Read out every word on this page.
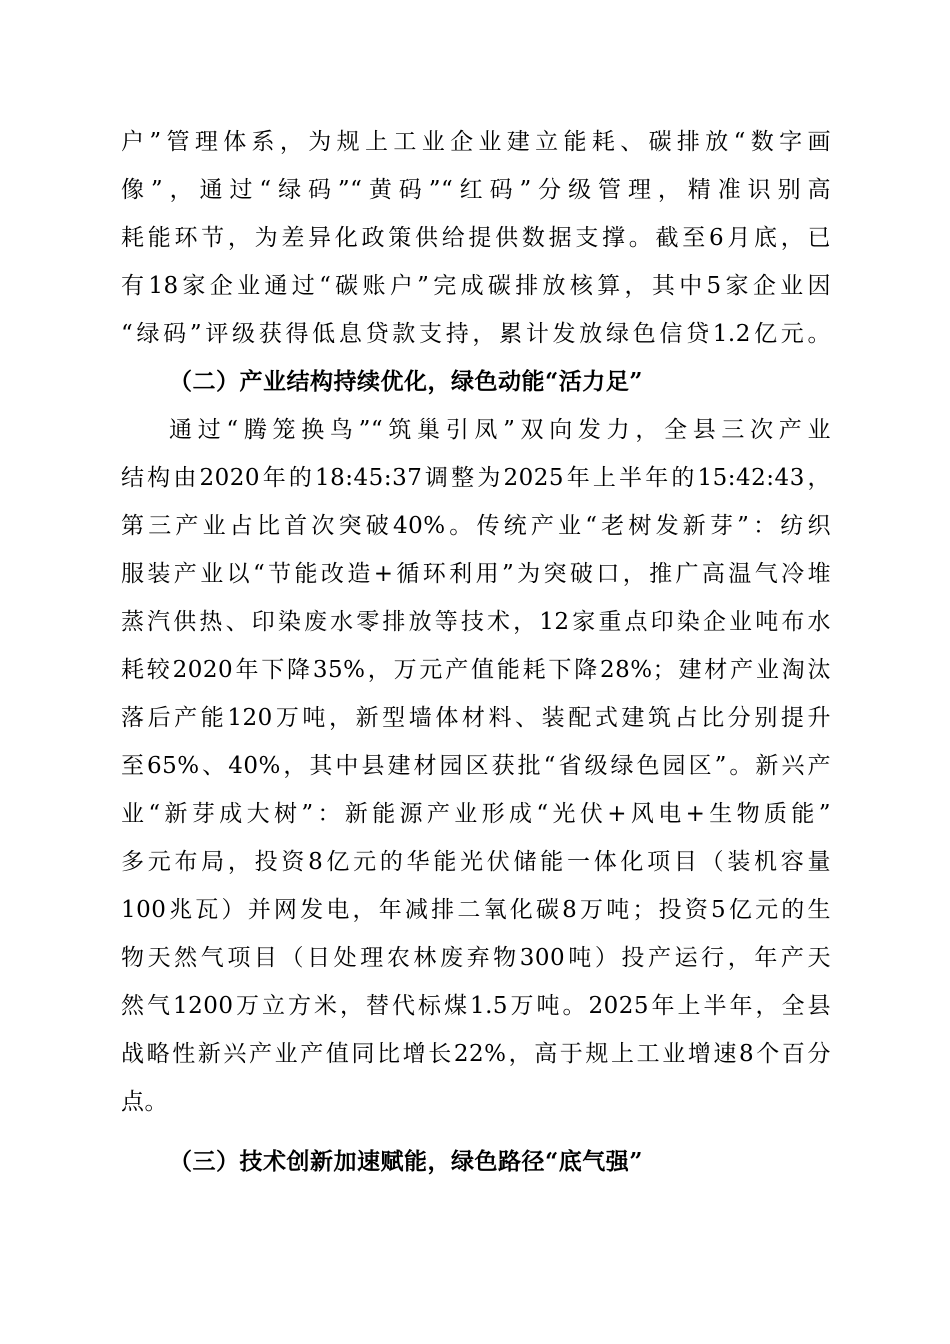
户”管理体系，为规上工业企业建立能耗、碳排放“数字画
像”，通过“绿码”“黄码”“红码”分级管理，精准识别高
耗能环节，为差异化政策供给提供数据支撑。截至6月底，已
有18家企业通过“碳账户”完成碳排放核算，其中5家企业因
“绿码”评级获得低息贷款支持，累计发放绿色信贷1.2亿元。
（二）产业结构持续优化，绿色动能“活力足”
通过“腾笼换鸟”“筑巢引凤”双向发力，全县三次产业
结构由2020年的18:45:37调整为2025年上半年的15:42:43，
第三产业占比首次突破40%。传统产业“老树发新芽”：纺织
服装产业以“节能改造+循环利用”为突破口，推广高温气冷堆
蒸汽供热、印染废水零排放等技术，12家重点印染企业吨布水
耗较2020年下降35%，万元产值能耗下降28%；建材产业淘汰
落后产能120万吨，新型墙体材料、装配式建筑占比分别提升
至65%、40%，其中县建材园区获批“省级绿色园区”。新兴产
业“新芽成大树”：新能源产业形成“光伏+风电+生物质能”
多元布局，投资8亿元的华能光伏储能一体化项目（装机容量
100兆瓦）并网发电，年减排二氧化碳8万吨；投资5亿元的生
物天然气项目（日处理农林废弃物300吨）投产运行，年产天
然气1200万立方米，替代标煤1.5万吨。2025年上半年，全县
战略性新兴产业产值同比增长22%，高于规上工业增速8个百分
点。
（三）技术创新加速赋能，绿色路径“底气强”
